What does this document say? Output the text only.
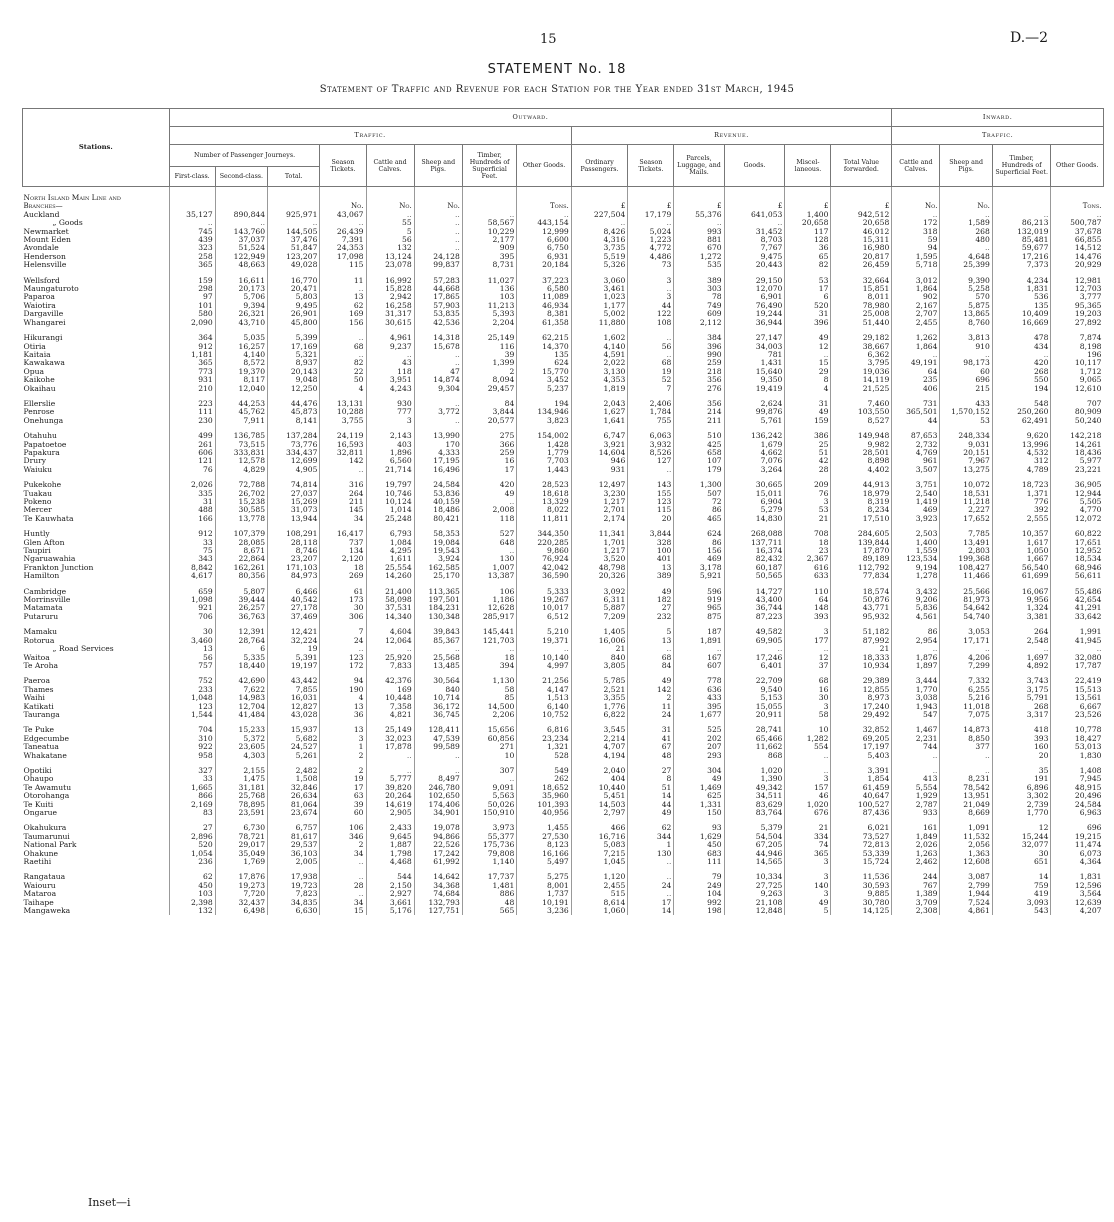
15	D.—2
STATEMENT No. 18
Statement of Traffic and Revenue for each Station for the Year ended 31st March, 1945
Stations.	Outward.														Inward.			
	Traffic.								Revenue.						Traffic.			
	Number of Passenger Journeys.			Season Tickets.	Cattle and Calves.	Sheep and Pigs.	Timber, Hundreds of Superficial Feet.	Other Goods.	Ordinary Passengers.	Season Tickets.	Parcels, Luggage, and Mails.	Goods.	Miscel-laneous.	Total Value forwarded.	Cattle and Calves.	Sheep and Pigs.	Timber, Hundreds of Superficial Feet.	Other Goods.
	First-class.	Second-class.	Total.															

North Island Main Line and																		
Branches—				No.	No.	No.		Tons.	£	£	£	£	£	£	No.	No.		Tons.
Auckland	35,127	890,844	925,971	43,067	..	..	..	..	227,504	17,179	55,376	641,053	1,400	942,512	..	..	..	..
„ Goods	..	..	..	..	55	..	58,567	443,154	..	..	..	..	20,658	20,658	172	1,589	86,213	500,787
Newmarket	745	143,760	144,505	26,439	5	..	10,229	12,999	8,426	5,024	993	31,452	117	46,012	318	268	132,019	37,678
Mount Eden	439	37,037	37,476	7,391	56	..	2,177	6,600	4,316	1,223	881	8,703	128	15,311	59	480	85,481	66,855
Avondale	323	51,524	51,847	24,353	132	..	909	6,750	3,735	4,772	670	7,767	36	16,980	94	..	59,677	14,512
Henderson	258	122,949	123,207	17,098	13,124	24,128	395	6,931	5,519	4,486	1,272	9,475	65	20,817	1,595	4,648	17,216	14,476
Helensville	365	48,663	49,028	115	23,078	99,837	8,731	20,184	5,326	73	535	20,443	82	26,459	5,718	25,399	7,373	20,929

Wellsford	159	16,611	16,770	11	16,992	57,283	11,027	37,223	3,060	3	389	29,150	53	32,664	3,012	9,390	4,234	12,981
Maungaturoto	298	20,173	20,471	..	15,828	44,668	136	6,580	3,461	..	303	12,070	17	15,851	1,864	5,258	1,831	12,703
Paparoa	97	5,706	5,803	13	2,942	17,865	103	11,089	1,023	3	78	6,901	6	8,011	902	570	536	3,777
Waiotira	101	9,394	9,495	62	16,258	57,903	11,213	46,934	1,177	44	749	76,490	520	78,980	2,167	5,875	135	95,365
Dargaville	580	26,321	26,901	169	31,317	53,835	5,393	8,381	5,002	122	609	19,244	31	25,008	2,707	13,865	10,409	19,203
Whangarei	2,090	43,710	45,800	156	30,615	42,536	2,204	61,358	11,880	108	2,112	36,944	396	51,440	2,455	8,760	16,669	27,892

Hikurangi	364	5,035	5,399	..	4,961	14,318	25,149	62,215	1,602	..	384	27,147	49	29,182	1,262	3,813	478	7,874
Otiria	912	16,257	17,169	68	9,237	15,678	116	14,370	4,140	56	396	34,003	12	38,667	1,864	910	434	8,198
Kaitaia	1,181	4,140	5,321	..	..	..	39	135	4,591	..	990	781	..	6,362	..	..	..	196
Kawakawa	365	8,572	8,937	82	43	..	1,399	624	2,022	68	259	1,431	15	3,795	49,191	98,173	420	10,117
Opua	773	19,370	20,143	22	118	47	2	15,770	3,130	19	218	15,640	29	19,036	64	60	268	1,712
Kaikohe	931	8,117	9,048	50	3,951	14,874	8,094	3,452	4,353	52	356	9,350	8	14,119	235	696	550	9,065
Okaihau	210	12,040	12,250	4	4,243	9,304	29,457	5,237	1,819	7	276	19,419	4	21,525	406	215	194	12,610

Ellerslie	223	44,253	44,476	13,131	930	..	84	194	2,043	2,406	356	2,624	31	7,460	731	433	548	707
Penrose	111	45,762	45,873	10,288	777	3,772	3,844	134,946	1,627	1,784	214	99,876	49	103,550	365,501	1,570,152	250,260	80,909
Onehunga	230	7,911	8,141	3,755	3	..	20,577	3,823	1,641	755	211	5,761	159	8,527	44	53	62,491	50,240

Otahuhu	499	136,785	137,284	24,119	2,143	13,990	275	154,002	6,747	6,063	510	136,242	386	149,948	87,653	248,334	9,620	142,218
Papatoetoe	261	73,515	73,776	16,593	403	170	366	1,428	3,921	3,932	425	1,679	25	9,982	2,732	9,031	13,996	14,261
Papakura	606	333,831	334,437	32,811	1,896	4,333	259	1,779	14,604	8,526	658	4,662	51	28,501	4,769	20,151	4,532	18,436
Drury	121	12,578	12,699	142	6,560	17,195	16	7,703	946	127	107	7,076	42	8,898	961	7,967	312	5,977
Waiuku	76	4,829	4,905	..	21,714	16,496	17	1,443	931	..	179	3,264	28	4,402	3,507	13,275	4,789	23,221

Pukekohe	2,026	72,788	74,814	316	19,797	24,584	420	28,523	12,497	143	1,300	30,665	209	44,913	3,751	10,072	18,723	36,905
Tuakau	335	26,702	27,037	264	10,746	53,836	49	18,618	3,230	155	507	15,011	76	18,979	2,540	18,531	1,371	12,944
Pokeno	31	15,238	15,269	211	10,124	40,159	..	13,329	1,217	123	72	6,904	3	8,319	1,419	11,218	776	5,505
Mercer	488	30,585	31,073	145	1,014	18,486	2,008	8,022	2,701	115	86	5,279	53	8,234	469	2,227	392	4,770
Te Kauwhata	166	13,778	13,944	34	25,248	80,421	118	11,811	2,174	20	465	14,830	21	17,510	3,923	17,652	2,555	12,072

Huntly	912	107,379	108,291	16,417	6,793	58,353	527	344,350	11,341	3,844	624	268,088	708	284,605	2,503	7,785	10,357	60,822
Glen Afton	33	28,085	28,118	737	1,084	19,084	648	220,285	1,701	328	86	137,711	18	139,844	1,400	13,491	1,617	17,651
Taupiri	75	8,671	8,746	134	4,295	19,543	..	9,860	1,217	100	156	16,374	23	17,870	1,559	2,803	1,050	12,952
Ngaruawahia	343	22,864	23,207	2,120	1,611	3,924	130	76,924	3,520	401	469	82,432	2,367	89,189	123,534	199,368	1,667	18,534
Frankton Junction	8,842	162,261	171,103	18	25,554	162,585	1,007	42,042	48,798	13	3,178	60,187	616	112,792	9,194	108,427	56,540	68,946
Hamilton	4,617	80,356	84,973	269	14,260	25,170	13,387	36,590	20,326	389	5,921	50,565	633	77,834	1,278	11,466	61,699	56,611

Cambridge	659	5,807	6,466	61	21,400	113,365	106	5,333	3,092	49	596	14,727	110	18,574	3,432	25,566	16,067	55,486
Morrinsville	1,098	39,444	40,542	173	58,098	197,501	1,186	19,267	6,311	182	919	43,400	64	50,876	9,206	81,973	9,956	42,654
Matamata	921	26,257	27,178	30	37,531	184,231	12,628	10,017	5,887	27	965	36,744	148	43,771	5,836	54,642	1,324	41,291
Putaruru	706	36,763	37,469	306	14,340	130,348	285,917	6,512	7,209	232	875	87,223	393	95,932	4,561	54,740	3,381	33,642

Mamaku	30	12,391	12,421	7	4,604	39,843	145,441	5,210	1,405	5	187	49,582	3	51,182	86	3,053	264	1,991
Rotorua	3,460	28,764	32,224	24	12,064	85,367	121,703	19,371	16,006	13	1,891	69,905	177	87,992	2,954	17,171	2,548	41,945
„ Road Services	13	6	19	..	..	..	..	..	21	..	..	..	..	21	..	..	..	..
Waitoa	56	5,335	5,391	123	25,920	25,568	18	10,140	840	68	167	17,246	12	18,333	1,876	4,206	1,697	32,080
Te Aroha	757	18,440	19,197	172	7,833	13,485	394	4,997	3,805	84	607	6,401	37	10,934	1,897	7,299	4,892	17,787

Paeroa	752	42,690	43,442	94	42,376	30,564	1,130	21,256	5,785	49	778	22,709	68	29,389	3,444	7,332	3,743	22,419
Thames	233	7,622	7,855	190	169	840	58	4,147	2,521	142	636	9,540	16	12,855	1,770	6,255	3,175	15,513
Waihi	1,048	14,983	16,031	4	10,448	10,714	85	1,513	3,355	2	433	5,153	30	8,973	3,038	5,216	5,791	13,561
Katikati	123	12,704	12,827	13	7,358	36,172	14,500	6,140	1,776	11	395	15,055	3	17,240	1,943	11,018	268	6,667
Tauranga	1,544	41,484	43,028	36	4,821	36,745	2,206	10,752	6,822	24	1,677	20,911	58	29,492	547	7,075	3,317	23,526

Te Puke	704	15,233	15,937	13	25,149	128,411	15,656	6,816	3,545	31	525	28,741	10	32,852	1,467	14,873	418	10,778
Edgecumbe	310	5,372	5,682	3	32,023	47,539	60,856	23,234	2,214	41	202	65,466	1,282	69,205	2,231	8,850	393	18,427
Taneatua	922	23,605	24,527	1	17,878	99,589	271	1,321	4,707	67	207	11,662	554	17,197	744	377	160	53,013
Whakatane	958	4,303	5,261	2	..	..	10	528	4,194	48	293	868	..	5,403	..	..	20	1,830

Opotiki	327	2,155	2,482	2	..	..	307	549	2,040	27	304	1,020	..	3,391	..	..	35	1,408
Ohaupo	33	1,475	1,508	19	5,777	8,497	..	262	404	8	49	1,390	3	1,854	413	8,231	191	7,945
Te Awamutu	1,665	31,181	32,846	17	39,820	246,780	9,091	18,652	10,440	51	1,469	49,342	157	61,459	5,554	78,542	6,896	48,915
Otorohanga	866	25,768	26,634	63	20,264	102,650	5,563	35,960	5,451	14	625	34,511	46	40,647	1,929	13,951	3,302	20,496
Te Kuiti	2,169	78,895	81,064	39	14,619	174,406	50,026	101,393	14,503	44	1,331	83,629	1,020	100,527	2,787	21,049	2,739	24,584
Ongarue	83	23,591	23,674	60	2,905	34,901	150,910	40,956	2,797	49	150	83,764	676	87,436	933	8,669	1,770	6,963

Okahukura	27	6,730	6,757	106	2,433	19,078	3,973	1,455	466	62	93	5,379	21	6,021	161	1,091	12	696
Taumarunui	2,896	78,721	81,617	346	9,645	94,866	55,377	27,530	16,716	344	1,629	54,504	334	73,527	1,849	11,532	15,244	19,215
National Park	520	29,017	29,537	2	1,887	22,526	175,736	8,123	5,083	1	450	67,205	74	72,813	2,026	2,056	32,077	11,474
Ohakune	1,054	35,049	36,103	34	1,798	17,242	79,808	16,166	7,215	130	683	44,946	365	53,339	1,263	1,363	30	6,073
Raetihi	236	1,769	2,005	..	4,468	61,992	1,140	5,497	1,045	..	111	14,565	3	15,724	2,462	12,608	651	4,364

Rangataua	62	17,876	17,938	..	544	14,642	17,737	5,275	1,120	..	79	10,334	3	11,536	244	3,087	14	1,831
Waiouru	450	19,273	19,723	28	2,150	34,368	1,481	8,001	2,455	24	249	27,725	140	30,593	767	2,799	759	12,596
Mataroa	103	7,720	7,823	..	2,927	74,684	886	1,737	515	..	104	9,263	3	9,885	1,389	1,944	419	3,564
Taihape	2,398	32,437	34,835	34	3,661	132,793	48	10,191	8,614	17	992	21,108	49	30,780	3,709	7,524	3,093	12,639
Mangaweka	132	6,498	6,630	15	5,176	127,751	565	3,236	1,060	14	198	12,848	5	14,125	2,308	4,861	543	4,207
Inset—i
